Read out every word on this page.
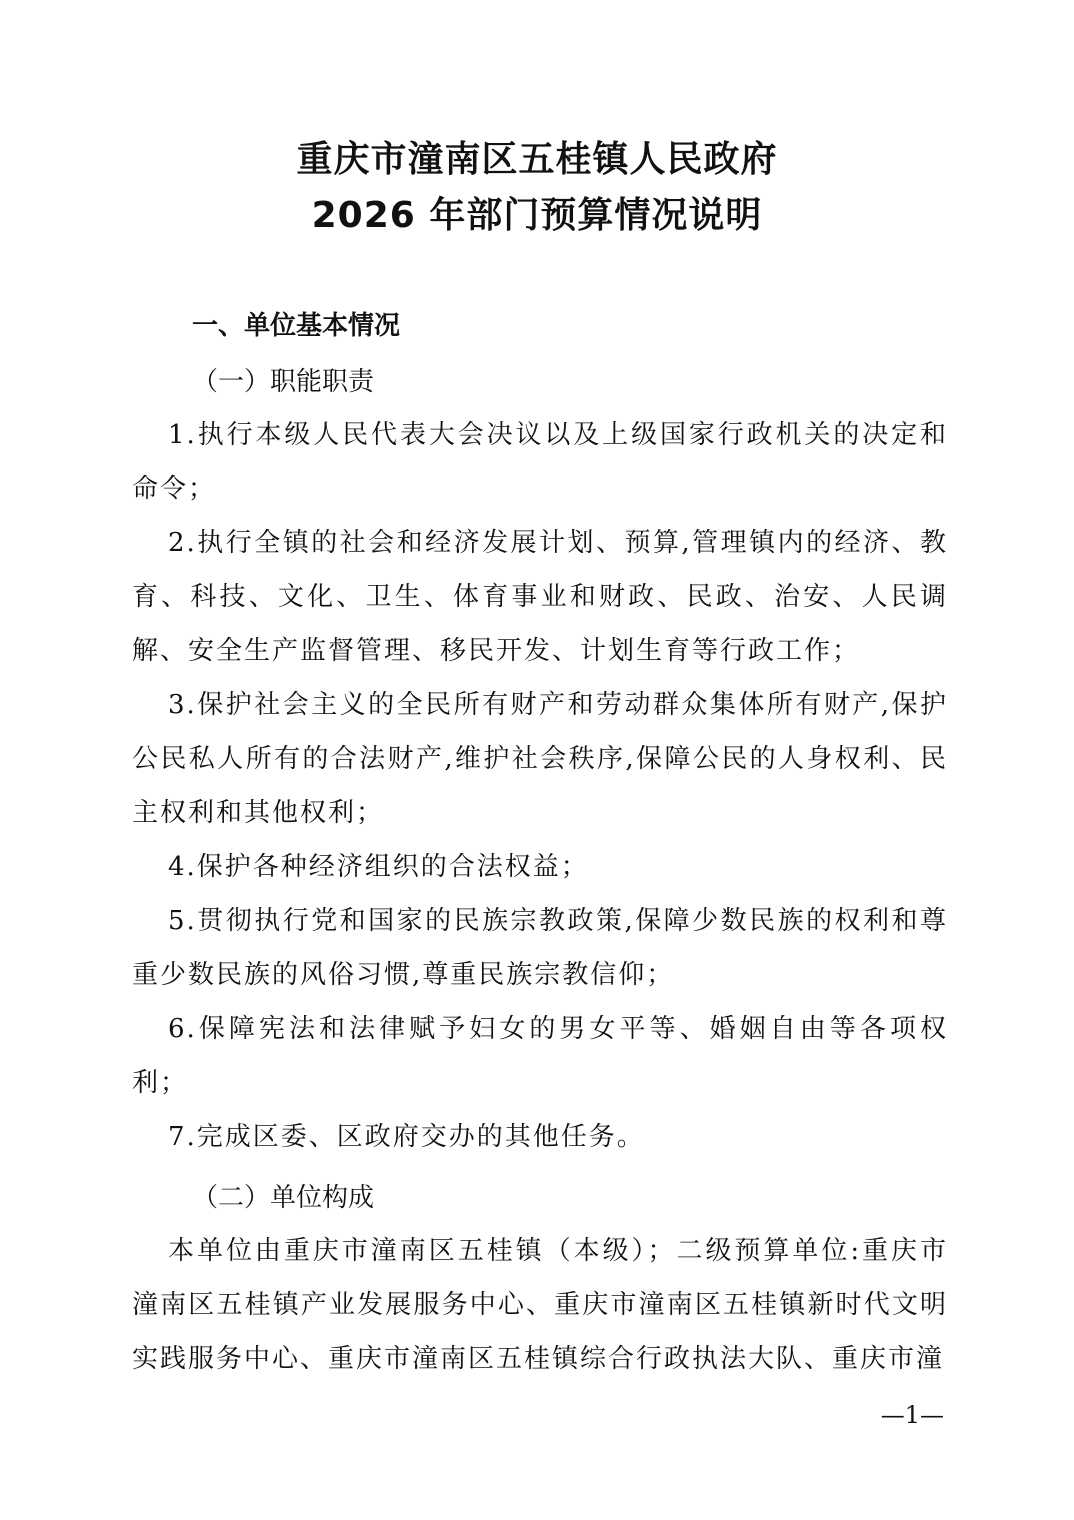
重庆市潼南区五桂镇人民政府
2026 年部门预算情况说明
一、单位基本情况
（一）职能职责

1.执行本级人民代表大会决议以及上级国家行政机关的决定和命令；

2.执行全镇的社会和经济发展计划、预算,管理镇内的经济、教育、科技、文化、卫生、体育事业和财政、民政、治安、人民调解、安全生产监督管理、移民开发、计划生育等行政工作；

3.保护社会主义的全民所有财产和劳动群众集体所有财产,保护公民私人所有的合法财产,维护社会秩序,保障公民的人身权利、民主权利和其他权利；

4.保护各种经济组织的合法权益；

5.贯彻执行党和国家的民族宗教政策,保障少数民族的权利和尊重少数民族的风俗习惯,尊重民族宗教信仰；

6.保障宪法和法律赋予妇女的男女平等、婚姻自由等各项权利；

7.完成区委、区政府交办的其他任务。

（二）单位构成

本单位由重庆市潼南区五桂镇（本级）；二级预算单位:重庆市潼南区五桂镇产业发展服务中心、重庆市潼南区五桂镇新时代文明实践服务中心、重庆市潼南区五桂镇综合行政执法大队、重庆市潼

—1—
